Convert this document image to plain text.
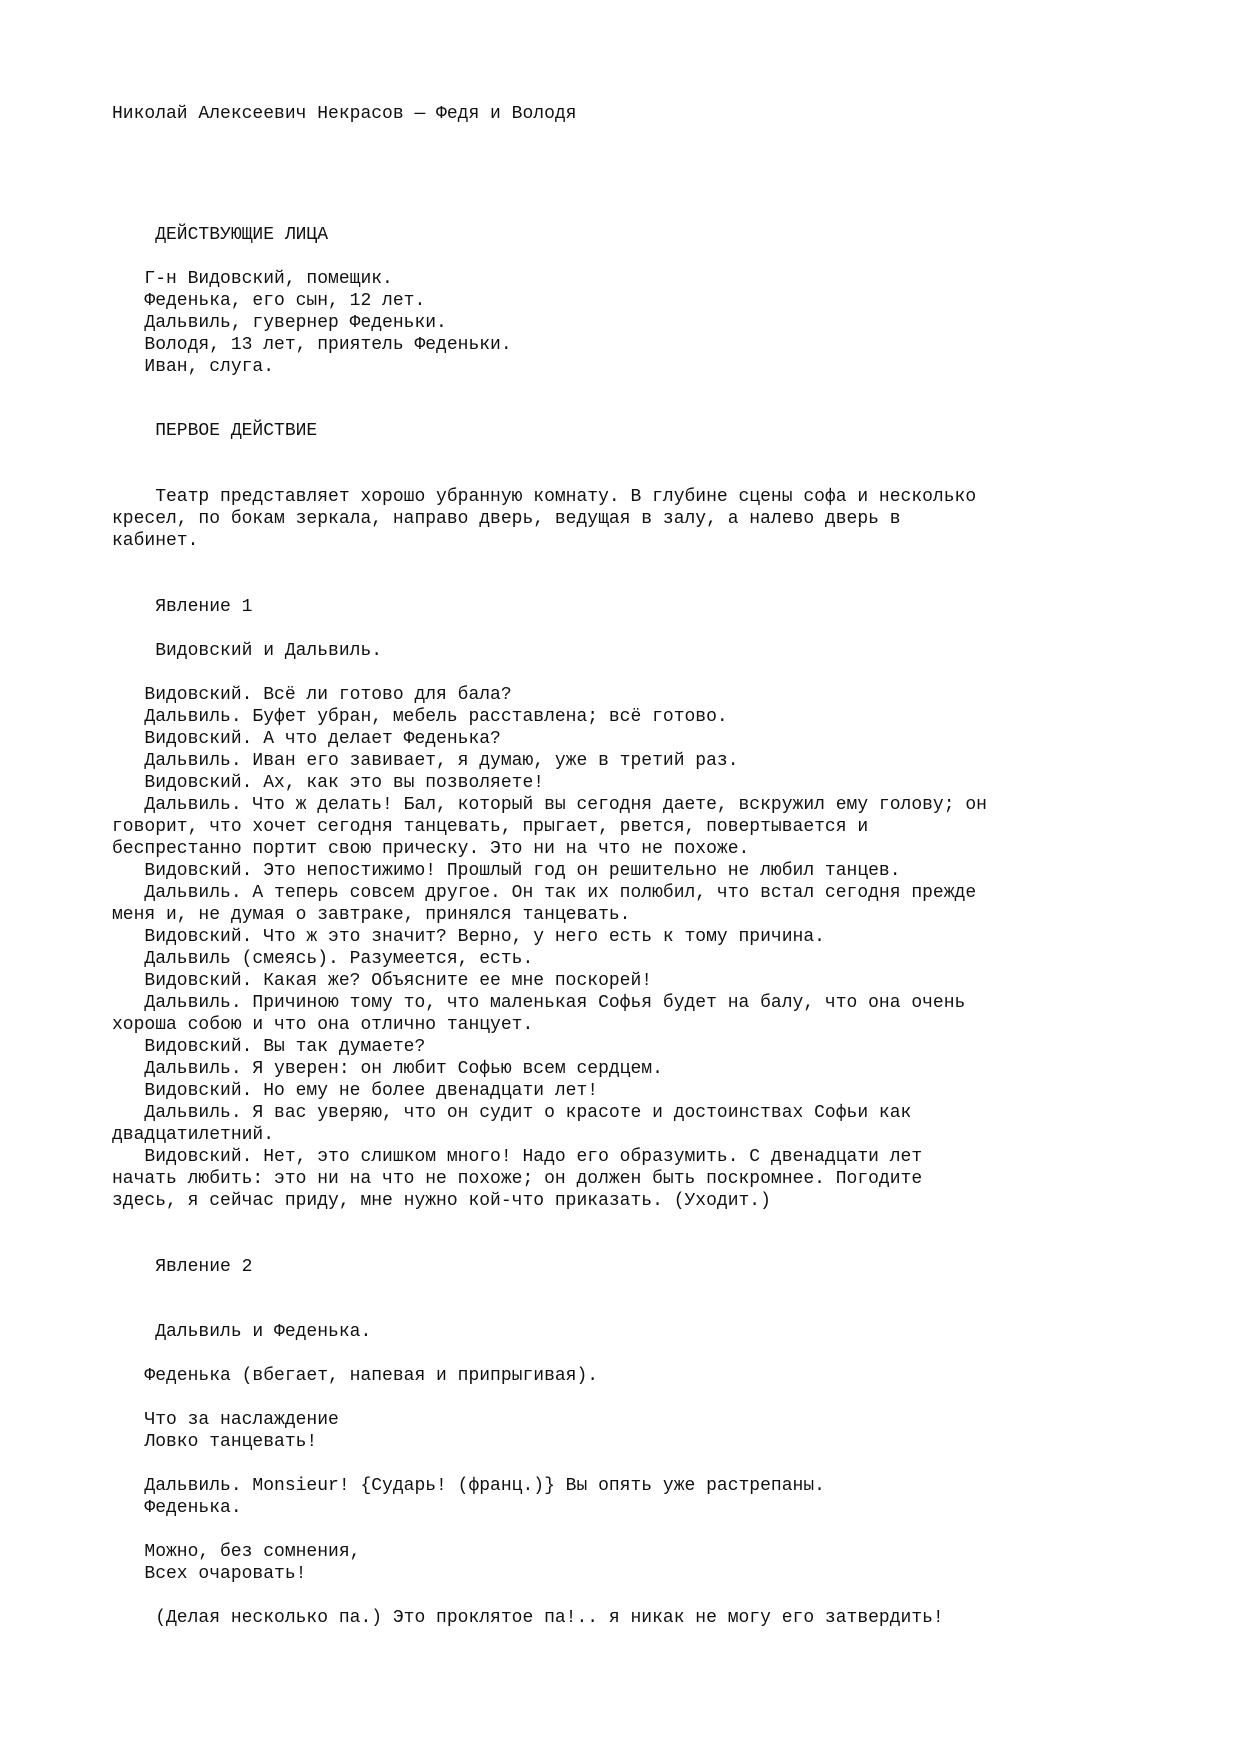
Николай Алексеевич Некрасов — Федя и Володя
ДЕЙСТВУЮЩИЕ ЛИЦА
Г-н Видовский, помещик.
Феденька, его сын, 12 лет.
Дальвиль, гувернер Феденьки.
Володя, 13 лет, приятель Феденьки.
Иван, слуга.
ПЕРВОЕ ДЕЙСТВИЕ
Театр представляет хорошо убранную комнату. В глубине сцены софа и несколько
кресел, по бокам зеркала, направо дверь, ведущая в залу, а налево дверь в
кабинет.
Явление 1
Видовский и Дальвиль.
Видовский. Всё ли готово для бала?
Дальвиль. Буфет убран, мебель расставлена; всё готово.
Видовский. А что делает Феденька?
Дальвиль. Иван его завивает, я думаю, уже в третий раз.
Видовский. Ах, как это вы позволяете!
Дальвиль. Что ж делать! Бал, который вы сегодня даете, вскружил ему голову; он
говорит, что хочет сегодня танцевать, прыгает, рвется, повертывается и
беспрестанно портит свою прическу. Это ни на что не похоже.
Видовский. Это непостижимо! Прошлый год он решительно не любил танцев.
Дальвиль. А теперь совсем другое. Он так их полюбил, что встал сегодня прежде
меня и, не думая о завтраке, принялся танцевать.
Видовский. Что ж это значит? Верно, у него есть к тому причина.
Дальвиль (смеясь). Разумеется, есть.
Видовский. Какая же? Объясните ее мне поскорей!
Дальвиль. Причиною тому то, что маленькая Софья будет на балу, что она очень
хороша собою и что она отлично танцует.
Видовский. Вы так думаете?
Дальвиль. Я уверен: он любит Софью всем сердцем.
Видовский. Но ему не более двенадцати лет!
Дальвиль. Я вас уверяю, что он судит о красоте и достоинствах Софьи как
двадцатилетний.
Видовский. Нет, это слишком много! Надо его образумить. С двенадцати лет
начать любить: это ни на что не похоже; он должен быть поскромнее. Погодите
здесь, я сейчас приду, мне нужно кой-что приказать. (Уходит.)
Явление 2
Дальвиль и Феденька.
Феденька (вбегает, напевая и припрыгивая).
Что за наслаждение
Ловко танцевать!
Дальвиль. Monsieur! {Сударь! (франц.)} Вы опять уже растрепаны.
Феденька.
Можно, без сомнения,
Всех очаровать!
(Делая несколько па.) Это проклятое па!.. я никак не могу его затвердить!
